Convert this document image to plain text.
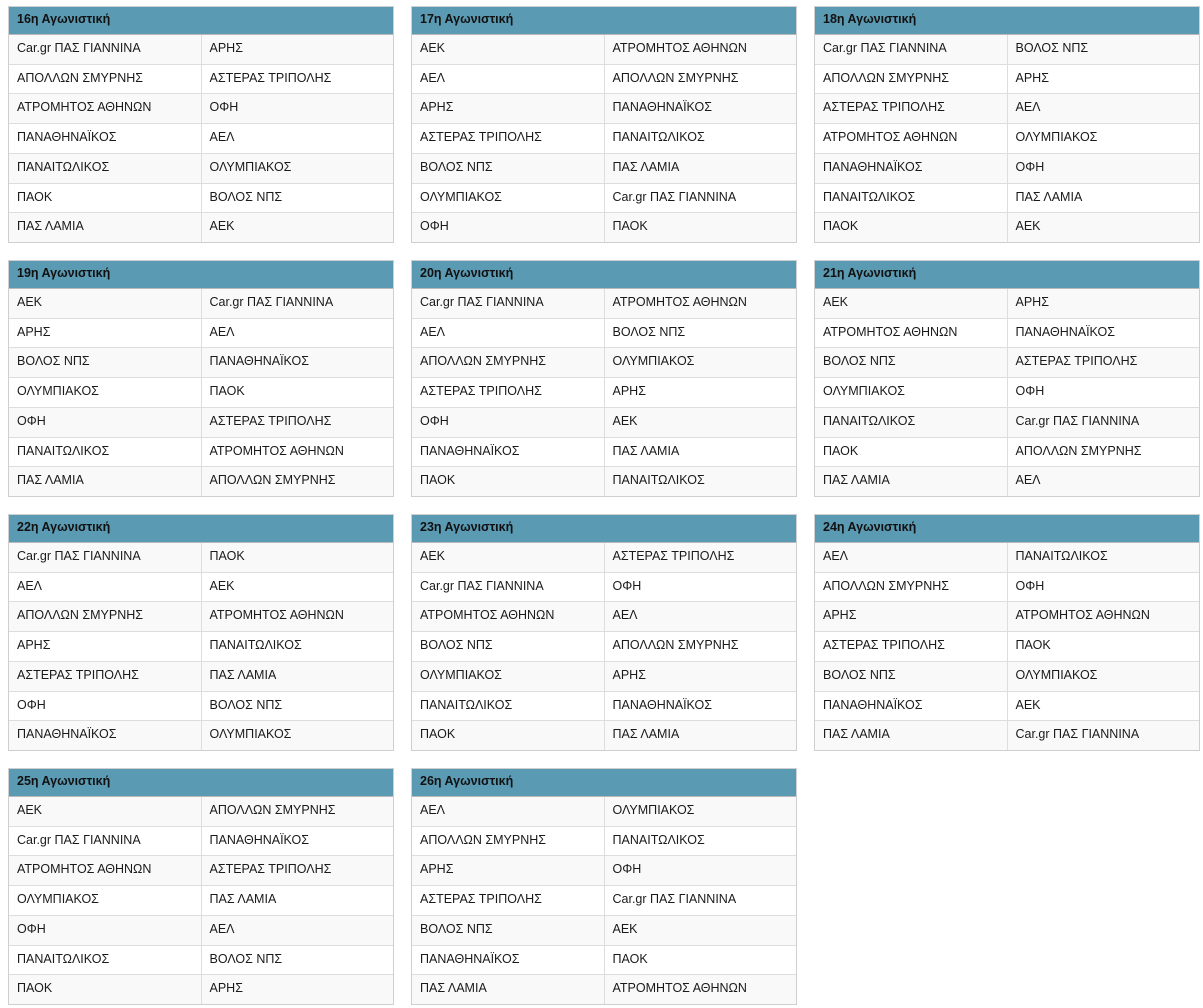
16η Αγωνιστική
Car.gr ΠΑΣ ΓΙΑΝΝΙΝΑ	ΑΡΗΣ
ΑΠΟΛΛΩΝ ΣΜΥΡΝΗΣ	ΑΣΤΕΡΑΣ ΤΡΙΠΟΛΗΣ
ΑΤΡΟΜΗΤΟΣ ΑΘΗΝΩΝ	ΟΦΗ
ΠΑΝΑΘΗΝΑΪΚΟΣ	ΑΕΛ
ΠΑΝΑΙΤΩΛΙΚΟΣ	ΟΛΥΜΠΙΑΚΟΣ
ΠΑΟΚ	ΒΟΛΟΣ ΝΠΣ
ΠΑΣ ΛΑΜΙΑ	ΑΕΚ
17η Αγωνιστική
ΑΕΚ	ΑΤΡΟΜΗΤΟΣ ΑΘΗΝΩΝ
ΑΕΛ	ΑΠΟΛΛΩΝ ΣΜΥΡΝΗΣ
ΑΡΗΣ	ΠΑΝΑΘΗΝΑΪΚΟΣ
ΑΣΤΕΡΑΣ ΤΡΙΠΟΛΗΣ	ΠΑΝΑΙΤΩΛΙΚΟΣ
ΒΟΛΟΣ ΝΠΣ	ΠΑΣ ΛΑΜΙΑ
ΟΛΥΜΠΙΑΚΟΣ	Car.gr ΠΑΣ ΓΙΑΝΝΙΝΑ
ΟΦΗ	ΠΑΟΚ
18η Αγωνιστική
Car.gr ΠΑΣ ΓΙΑΝΝΙΝΑ	ΒΟΛΟΣ ΝΠΣ
ΑΠΟΛΛΩΝ ΣΜΥΡΝΗΣ	ΑΡΗΣ
ΑΣΤΕΡΑΣ ΤΡΙΠΟΛΗΣ	ΑΕΛ
ΑΤΡΟΜΗΤΟΣ ΑΘΗΝΩΝ	ΟΛΥΜΠΙΑΚΟΣ
ΠΑΝΑΘΗΝΑΪΚΟΣ	ΟΦΗ
ΠΑΝΑΙΤΩΛΙΚΟΣ	ΠΑΣ ΛΑΜΙΑ
ΠΑΟΚ	ΑΕΚ
19η Αγωνιστική
ΑΕΚ	Car.gr ΠΑΣ ΓΙΑΝΝΙΝΑ
ΑΡΗΣ	ΑΕΛ
ΒΟΛΟΣ ΝΠΣ	ΠΑΝΑΘΗΝΑΪΚΟΣ
ΟΛΥΜΠΙΑΚΟΣ	ΠΑΟΚ
ΟΦΗ	ΑΣΤΕΡΑΣ ΤΡΙΠΟΛΗΣ
ΠΑΝΑΙΤΩΛΙΚΟΣ	ΑΤΡΟΜΗΤΟΣ ΑΘΗΝΩΝ
ΠΑΣ ΛΑΜΙΑ	ΑΠΟΛΛΩΝ ΣΜΥΡΝΗΣ
20η Αγωνιστική
Car.gr ΠΑΣ ΓΙΑΝΝΙΝΑ	ΑΤΡΟΜΗΤΟΣ ΑΘΗΝΩΝ
ΑΕΛ	ΒΟΛΟΣ ΝΠΣ
ΑΠΟΛΛΩΝ ΣΜΥΡΝΗΣ	ΟΛΥΜΠΙΑΚΟΣ
ΑΣΤΕΡΑΣ ΤΡΙΠΟΛΗΣ	ΑΡΗΣ
ΟΦΗ	ΑΕΚ
ΠΑΝΑΘΗΝΑΪΚΟΣ	ΠΑΣ ΛΑΜΙΑ
ΠΑΟΚ	ΠΑΝΑΙΤΩΛΙΚΟΣ
21η Αγωνιστική
ΑΕΚ	ΑΡΗΣ
ΑΤΡΟΜΗΤΟΣ ΑΘΗΝΩΝ	ΠΑΝΑΘΗΝΑΪΚΟΣ
ΒΟΛΟΣ ΝΠΣ	ΑΣΤΕΡΑΣ ΤΡΙΠΟΛΗΣ
ΟΛΥΜΠΙΑΚΟΣ	ΟΦΗ
ΠΑΝΑΙΤΩΛΙΚΟΣ	Car.gr ΠΑΣ ΓΙΑΝΝΙΝΑ
ΠΑΟΚ	ΑΠΟΛΛΩΝ ΣΜΥΡΝΗΣ
ΠΑΣ ΛΑΜΙΑ	ΑΕΛ
22η Αγωνιστική
Car.gr ΠΑΣ ΓΙΑΝΝΙΝΑ	ΠΑΟΚ
ΑΕΛ	ΑΕΚ
ΑΠΟΛΛΩΝ ΣΜΥΡΝΗΣ	ΑΤΡΟΜΗΤΟΣ ΑΘΗΝΩΝ
ΑΡΗΣ	ΠΑΝΑΙΤΩΛΙΚΟΣ
ΑΣΤΕΡΑΣ ΤΡΙΠΟΛΗΣ	ΠΑΣ ΛΑΜΙΑ
ΟΦΗ	ΒΟΛΟΣ ΝΠΣ
ΠΑΝΑΘΗΝΑΪΚΟΣ	ΟΛΥΜΠΙΑΚΟΣ
23η Αγωνιστική
ΑΕΚ	ΑΣΤΕΡΑΣ ΤΡΙΠΟΛΗΣ
Car.gr ΠΑΣ ΓΙΑΝΝΙΝΑ	ΟΦΗ
ΑΤΡΟΜΗΤΟΣ ΑΘΗΝΩΝ	ΑΕΛ
ΒΟΛΟΣ ΝΠΣ	ΑΠΟΛΛΩΝ ΣΜΥΡΝΗΣ
ΟΛΥΜΠΙΑΚΟΣ	ΑΡΗΣ
ΠΑΝΑΙΤΩΛΙΚΟΣ	ΠΑΝΑΘΗΝΑΪΚΟΣ
ΠΑΟΚ	ΠΑΣ ΛΑΜΙΑ
24η Αγωνιστική
ΑΕΛ	ΠΑΝΑΙΤΩΛΙΚΟΣ
ΑΠΟΛΛΩΝ ΣΜΥΡΝΗΣ	ΟΦΗ
ΑΡΗΣ	ΑΤΡΟΜΗΤΟΣ ΑΘΗΝΩΝ
ΑΣΤΕΡΑΣ ΤΡΙΠΟΛΗΣ	ΠΑΟΚ
ΒΟΛΟΣ ΝΠΣ	ΟΛΥΜΠΙΑΚΟΣ
ΠΑΝΑΘΗΝΑΪΚΟΣ	ΑΕΚ
ΠΑΣ ΛΑΜΙΑ	Car.gr ΠΑΣ ΓΙΑΝΝΙΝΑ
25η Αγωνιστική
ΑΕΚ	ΑΠΟΛΛΩΝ ΣΜΥΡΝΗΣ
Car.gr ΠΑΣ ΓΙΑΝΝΙΝΑ	ΠΑΝΑΘΗΝΑΪΚΟΣ
ΑΤΡΟΜΗΤΟΣ ΑΘΗΝΩΝ	ΑΣΤΕΡΑΣ ΤΡΙΠΟΛΗΣ
ΟΛΥΜΠΙΑΚΟΣ	ΠΑΣ ΛΑΜΙΑ
ΟΦΗ	ΑΕΛ
ΠΑΝΑΙΤΩΛΙΚΟΣ	ΒΟΛΟΣ ΝΠΣ
ΠΑΟΚ	ΑΡΗΣ
26η Αγωνιστική
ΑΕΛ	ΟΛΥΜΠΙΑΚΟΣ
ΑΠΟΛΛΩΝ ΣΜΥΡΝΗΣ	ΠΑΝΑΙΤΩΛΙΚΟΣ
ΑΡΗΣ	ΟΦΗ
ΑΣΤΕΡΑΣ ΤΡΙΠΟΛΗΣ	Car.gr ΠΑΣ ΓΙΑΝΝΙΝΑ
ΒΟΛΟΣ ΝΠΣ	ΑΕΚ
ΠΑΝΑΘΗΝΑΪΚΟΣ	ΠΑΟΚ
ΠΑΣ ΛΑΜΙΑ	ΑΤΡΟΜΗΤΟΣ ΑΘΗΝΩΝ
